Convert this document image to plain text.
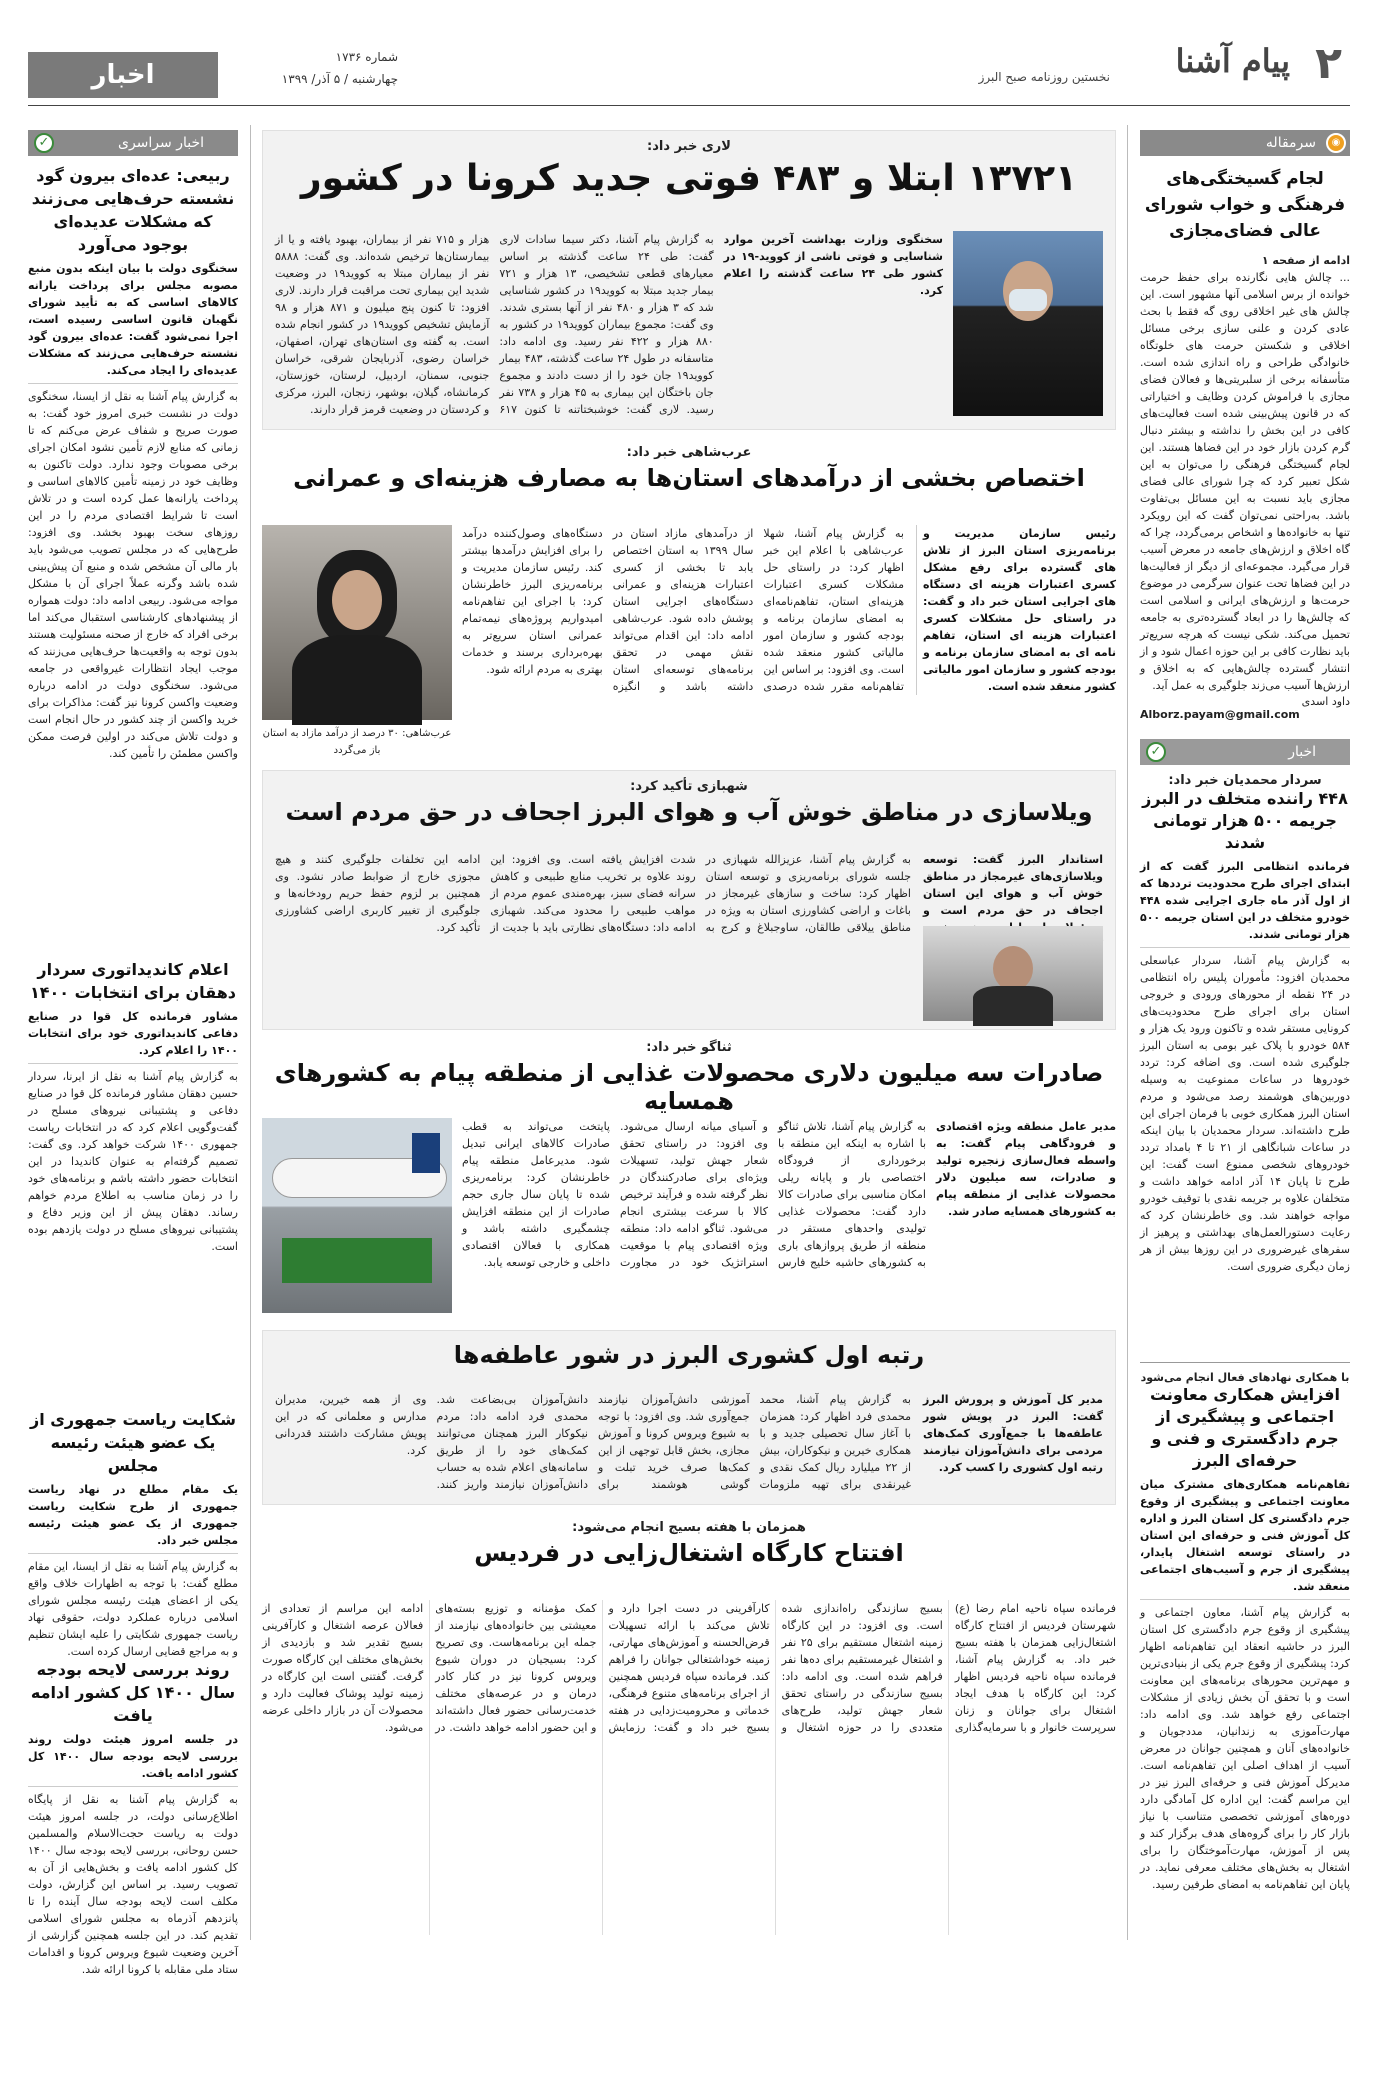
۲
پیام آشنا
نخستین روزنامه صبح البرز
شماره ۱۷۳۶
چهارشنبه / ۵ آذر/ ۱۳۹۹
اخبار
◉
سرمقاله
لجام گسیختگی‌های فرهنگی و خواب شورای عالی فضای‌مجازی
ادامه از صفحه ۱
... چالش هایی نگارنده برای حفظ حرمت خوانده از برس اسلامی آنها مشهور است. این چالش های غیر اخلاقی روی گه فقط با بحث عادی کردن و علنی سازی برخی مسائل اخلاقی و شکستن حرمت های خلوتگاه خانوادگی طراحی و راه اندازی شده است. متأسفانه برخی از سلبریتی‌ها و فعالان فضای مجازی با فراموش کردن وظایف و اختیاراتی که در قانون پیش‌بینی شده است فعالیت‌های کافی در این بخش را نداشته و بیشتر دنبال گرم کردن بازار خود در این فضاها هستند. این لجام گسیختگی فرهنگی را می‌توان به این شکل تعبیر کرد که چرا شورای عالی فضای مجازی باید نسبت به این مسائل بی‌تفاوت باشد. به‌راحتی نمی‌توان گفت که این رویکرد تنها به خانواده‌ها و اشخاص برمی‌گردد، چرا که گاه اخلاق و ارزش‌های جامعه در معرض آسیب قرار می‌گیرد. مجموعه‌ای از دیگر از فعالیت‌ها در این فضاها تحت عنوان سرگرمی در موضوع حرمت‌ها و ارزش‌های ایرانی و اسلامی است که چالش‌ها را در ابعاد گسترده‌تری به جامعه تحمیل می‌کند. شکی نیست که هرچه سریع‌تر باید نظارت کافی بر این حوزه اعمال شود و از انتشار گسترده چالش‌هایی که به اخلاق و ارزش‌ها آسیب می‌زند جلوگیری به عمل آید.
داود اسدی
Alborz.payam@gmail.com
✓	اخبار
سردار محمدیان خبر داد:
۴۴۸ راننده متخلف در البرز جریمه ۵۰۰ هزار تومانی شدند
فرمانده انتظامی البرز گفت که از ابتدای اجرای طرح محدودیت ترددها که از اول آذر ماه جاری اجرایی شده ۴۴۸ خودرو متخلف در این استان جریمه ۵۰۰ هزار تومانی شدند.
به گزارش پیام آشنا، سردار عباسعلی محمدیان افزود: مأموران پلیس راه انتظامی در ۲۴ نقطه از محورهای ورودی و خروجی استان برای اجرای طرح محدودیت‌های کرونایی مستقر شده و تاکنون ورود یک هزار و ۵۸۴ خودرو با پلاک غیر بومی به استان البرز جلوگیری شده است. وی اضافه کرد: تردد خودروها در ساعات ممنوعیت به وسیله دوربین‌های هوشمند رصد می‌شود و مردم استان البرز همکاری خوبی با فرمان اجرای این طرح داشته‌اند. سردار محمدیان با بیان اینکه در ساعات شبانگاهی از ۲۱ تا ۴ بامداد تردد خودروهای شخصی ممنوع است گفت: این طرح تا پایان ۱۴ آذر ادامه خواهد داشت و متخلفان علاوه بر جریمه نقدی با توقیف خودرو مواجه خواهند شد. وی خاطرنشان کرد که رعایت دستورالعمل‌های بهداشتی و پرهیز از سفرهای غیرضروری در این روزها بیش از هر زمان دیگری ضروری است.
با همکاری نهادهای فعال انجام می‌شود
افزایش همکاری معاونت اجتماعی و پیشگیری از جرم دادگستری و فنی و حرفه‌ای البرز
تفاهم‌نامه همکاری‌های مشترک میان معاونت اجتماعی و پیشگیری از وقوع جرم دادگستری کل استان البرز و اداره کل آموزش فنی و حرفه‌ای این استان در راستای توسعه اشتغال پایدار، پیشگیری از جرم و آسیب‌های اجتماعی منعقد شد.
به گزارش پیام آشنا، معاون اجتماعی و پیشگیری از وقوع جرم دادگستری کل استان البرز در حاشیه انعقاد این تفاهم‌نامه اظهار کرد: پیشگیری از وقوع جرم یکی از بنیادی‌ترین و مهم‌ترین محورهای برنامه‌های این معاونت است و با تحقق آن بخش زیادی از مشکلات اجتماعی رفع خواهد شد. وی ادامه داد: مهارت‌آموزی به زندانیان، مددجویان و خانواده‌های آنان و همچنین جوانان در معرض آسیب از اهداف اصلی این تفاهم‌نامه است. مدیرکل آموزش فنی و حرفه‌ای البرز نیز در این مراسم گفت: این اداره کل آمادگی دارد دوره‌های آموزشی تخصصی متناسب با نیاز بازار کار را برای گروه‌های هدف برگزار کند و پس از آموزش، مهارت‌آموختگان را برای اشتغال به بخش‌های مختلف معرفی نماید. در پایان این تفاهم‌نامه به امضای طرفین رسید.
✓	اخبار سراسری
ربیعی: عده‌ای بیرون گود نشسته حرف‌هایی می‌زنند که مشکلات عدیده‌ای بوجود می‌آورد
سخنگوی دولت با بیان اینکه بدون منبع مصوبه مجلس برای پرداخت یارانه کالاهای اساسی که به تأیید شورای نگهبان قانون اساسی رسیده است، اجرا نمی‌شود گفت: عده‌ای بیرون گود نشسته حرف‌هایی می‌زنند که مشکلات عدیده‌ای را ایجاد می‌کند.
به گزارش پیام آشنا به نقل از ایسنا، سخنگوی دولت در نشست خبری امروز خود گفت: به صورت صریح و شفاف عرض می‌کنم که تا زمانی که منابع لازم تأمین نشود امکان اجرای برخی مصوبات وجود ندارد. دولت تاکنون به وظایف خود در زمینه تأمین کالاهای اساسی و پرداخت یارانه‌ها عمل کرده است و در تلاش است تا شرایط اقتصادی مردم را در این روزهای سخت بهبود بخشد. وی افزود: طرح‌هایی که در مجلس تصویب می‌شود باید بار مالی آن مشخص شده و منبع آن پیش‌بینی شده باشد وگرنه عملاً اجرای آن با مشکل مواجه می‌شود. ربیعی ادامه داد: دولت همواره از پیشنهادهای کارشناسی استقبال می‌کند اما برخی افراد که خارج از صحنه مسئولیت هستند بدون توجه به واقعیت‌ها حرف‌هایی می‌زنند که موجب ایجاد انتظارات غیرواقعی در جامعه می‌شود. سخنگوی دولت در ادامه درباره وضعیت واکسن کرونا نیز گفت: مذاکرات برای خرید واکسن از چند کشور در حال انجام است و دولت تلاش می‌کند در اولین فرصت ممکن واکسن مطمئن را تأمین کند.
اعلام کاندیداتوری سردار دهقان برای انتخابات ۱۴۰۰
مشاور فرمانده کل قوا در صنایع دفاعی کاندیداتوری خود برای انتخابات ۱۴۰۰ را اعلام کرد.
به گزارش پیام آشنا به نقل از ایرنا، سردار حسین دهقان مشاور فرمانده کل قوا در صنایع دفاعی و پشتیبانی نیروهای مسلح در گفت‌وگویی اعلام کرد که در انتخابات ریاست جمهوری ۱۴۰۰ شرکت خواهد کرد. وی گفت: تصمیم گرفته‌ام به عنوان کاندیدا در این انتخابات حضور داشته باشم و برنامه‌های خود را در زمان مناسب به اطلاع مردم خواهم رساند. دهقان پیش از این وزیر دفاع و پشتیبانی نیروهای مسلح در دولت یازدهم بوده است.
شکایت ریاست جمهوری از یک عضو هیئت رئیسه مجلس
یک مقام مطلع در نهاد ریاست جمهوری از طرح شکایت ریاست جمهوری از یک عضو هیئت رئیسه مجلس خبر داد.
به گزارش پیام آشنا به نقل از ایسنا، این مقام مطلع گفت: با توجه به اظهارات خلاف واقع یکی از اعضای هیئت رئیسه مجلس شورای اسلامی درباره عملکرد دولت، حقوقی نهاد ریاست جمهوری شکایتی را علیه ایشان تنظیم و به مراجع قضایی ارسال کرده است.
روند بررسی لایحه بودجه سال ۱۴۰۰ کل کشور ادامه یافت
در جلسه امروز هیئت دولت روند بررسی لایحه بودجه سال ۱۴۰۰ کل کشور ادامه یافت.
به گزارش پیام آشنا به نقل از پایگاه اطلاع‌رسانی دولت، در جلسه امروز هیئت دولت به ریاست حجت‌الاسلام والمسلمین حسن روحانی، بررسی لایحه بودجه سال ۱۴۰۰ کل کشور ادامه یافت و بخش‌هایی از آن به تصویب رسید. بر اساس این گزارش، دولت مکلف است لایحه بودجه سال آینده را تا پانزدهم آذرماه به مجلس شورای اسلامی تقدیم کند. در این جلسه همچنین گزارشی از آخرین وضعیت شیوع ویروس کرونا و اقدامات ستاد ملی مقابله با کرونا ارائه شد.
لاری خبر داد:
۱۳۷۲۱ ابتلا و ۴۸۳ فوتی جدید کرونا در کشور
سخنگوی وزارت بهداشت آخرین موارد شناسایی و فوتی ناشی از کووید-۱۹ در کشور طی ۲۴ ساعت گذشته را اعلام کرد.
به گزارش پیام آشنا، دکتر سیما سادات لاری گفت: طی ۲۴ ساعت گذشته بر اساس معیارهای قطعی تشخیصی، ۱۳ هزار و ۷۲۱ بیمار جدید مبتلا به کووید۱۹ در کشور شناسایی شد که ۳ هزار و ۴۸۰ نفر از آنها بستری شدند. وی گفت: مجموع بیماران کووید۱۹ در کشور به ۸۸۰ هزار و ۴۲۲ نفر رسید. وی ادامه داد: متاسفانه در طول ۲۴ ساعت گذشته، ۴۸۳ بیمار کووید۱۹ جان خود را از دست دادند و مجموع جان باختگان این بیماری به ۴۵ هزار و ۷۳۸ نفر رسید. لاری گفت: خوشبختاتنه تا کنون ۶۱۷ هزار و ۷۱۵ نفر از بیماران، بهبود یافته و یا از بیمارستان‌ها ترخیص شده‌اند. وی گفت: ۵۸۸۸ نفر از بیماران مبتلا به کووید۱۹ در وضعیت شدید این بیماری تحت مراقبت قرار دارند. لاری افزود: تا کنون پنج میلیون و ۸۷۱ هزار و ۹۸ آزمایش تشخیص کووید۱۹ در کشور انجام شده است. به گفته وی استان‌های تهران، اصفهان، خراسان رضوی، آذربایجان شرقی، خراسان جنوبی، سمنان، اردبیل، لرستان، خوزستان، کرمانشاه، گیلان، بوشهر، زنجان، البرز، مرکزی و کردستان در وضعیت قرمز قرار دارند.
عرب‌شاهی خبر داد:
اختصاص بخشی از درآمدهای استان‌ها به مصارف هزینه‌ای و عمرانی
رئیس سازمان مدیریت و برنامه‌ریزی استان البرز از تلاش های گسترده برای رفع مشکل کسری اعتبارات هزینه ای دستگاه های اجرایی استان خبر داد و گفت: در راستای حل مشکلات کسری اعتبارات هزینه ای استان، تفاهم نامه ای به امضای سازمان برنامه و بودجه کشور و سازمان امور مالیاتی کشور منعقد شده است.
به گزارش پیام آشنا، شهلا عرب‌شاهی با اعلام این خبر اظهار کرد: در راستای حل مشکلات کسری اعتبارات هزینه‌ای استان، تفاهم‌نامه‌ای به امضای سازمان برنامه و بودجه کشور و سازمان امور مالیاتی کشور منعقد شده است. وی افزود: بر اساس این تفاهم‌نامه مقرر شده درصدی از درآمدهای مازاد استان در سال ۱۳۹۹ به استان اختصاص یابد تا بخشی از کسری اعتبارات هزینه‌ای و عمرانی دستگاه‌های اجرایی استان پوشش داده شود. عرب‌شاهی ادامه داد: این اقدام می‌تواند نقش مهمی در تحقق برنامه‌های توسعه‌ای استان داشته باشد و انگیزه دستگاه‌های وصول‌کننده درآمد را برای افزایش درآمدها بیشتر کند. رئیس سازمان مدیریت و برنامه‌ریزی البرز خاطرنشان کرد: با اجرای این تفاهم‌نامه امیدواریم پروژه‌های نیمه‌تمام عمرانی استان سریع‌تر به بهره‌برداری برسند و خدمات بهتری به مردم ارائه شود.
عرب‌شاهی: ۳۰ درصد از درآمد مازاد به استان باز می‌گردد
شهبازی تأکید کرد:
ویلاسازی در مناطق خوش آب و هوای البرز اجحاف در حق مردم است
استاندار البرز گفت: توسعه ویلاسازی‌های غیرمجاز در مناطق خوش آب و هوای این استان اجحاف در حق مردم است و
به گزارش پیام آشنا، عزیزالله شهبازی در جلسه شورای برنامه‌ریزی و توسعه استان اظهار کرد: ساخت و سازهای غیرمجاز در باغات و اراضی کشاورزی استان به ویژه در مناطق ییلاقی طالقان، ساوجبلاغ و کرج به شدت افزایش یافته است. وی افزود: این روند علاوه بر تخریب منابع طبیعی و کاهش سرانه فضای سبز، بهره‌مندی عموم مردم از مواهب طبیعی را محدود می‌کند. شهبازی ادامه داد: دستگاه‌های نظارتی باید با جدیت از ادامه این تخلفات جلوگیری کنند و هیچ مجوزی خارج از ضوابط صادر نشود. وی همچنین بر لزوم حفظ حریم رودخانه‌ها و جلوگیری از تغییر کاربری اراضی کشاورزی تأکید کرد.
ثناگو خبر داد:
صادرات سه میلیون دلاری محصولات غذایی از منطقه پیام به کشورهای همسایه
مدیر عامل منطقه ویژه اقتصادی و فرودگاهی پیام گفت: به واسطه فعال‌سازی زنجیره تولید و صادرات، سه میلیون دلار محصولات غذایی از منطقه پیام به کشورهای همسایه صادر شد.
به گزارش پیام آشنا، تلاش ثناگو با اشاره به اینکه این منطقه با برخورداری از فرودگاه اختصاصی بار و پایانه ریلی امکان مناسبی برای صادرات کالا دارد گفت: محصولات غذایی تولیدی واحدهای مستقر در منطقه از طریق پروازهای باری به کشورهای حاشیه خلیج فارس و آسیای میانه ارسال می‌شود. وی افزود: در راستای تحقق شعار جهش تولید، تسهیلات ویژه‌ای برای صادرکنندگان در نظر گرفته شده و فرآیند ترخیص کالا با سرعت بیشتری انجام می‌شود. ثناگو ادامه داد: منطقه ویژه اقتصادی پیام با موقعیت استراتژیک خود در مجاورت پایتخت می‌تواند به قطب صادرات کالاهای ایرانی تبدیل شود. مدیرعامل منطقه پیام خاطرنشان کرد: برنامه‌ریزی شده تا پایان سال جاری حجم صادرات از این منطقه افزایش چشمگیری داشته باشد و همکاری با فعالان اقتصادی داخلی و خارجی توسعه یابد.
رتبه اول کشوری البرز در شور عاطفه‌ها
مدیر کل آموزش و پرورش البرز گفت: البرز در پویش شور عاطفه‌ها با جمع‌آوری کمک‌های مردمی برای دانش‌آموزان نیازمند رتبه اول کشوری را کسب کرد.
به گزارش پیام آشنا، محمد محمدی فرد اظهار کرد: همزمان با آغاز سال تحصیلی جدید و با همکاری خیرین و نیکوکاران، بیش از ۲۲ میلیارد ریال کمک نقدی و غیرنقدی برای تهیه ملزومات آموزشی دانش‌آموزان نیازمند جمع‌آوری شد. وی افزود: با توجه به شیوع ویروس کرونا و آموزش مجازی، بخش قابل توجهی از این کمک‌ها صرف خرید تبلت و گوشی هوشمند برای دانش‌آموزان بی‌بضاعت شد. محمدی فرد ادامه داد: مردم نیکوکار البرز همچنان می‌توانند کمک‌های خود را از طریق سامانه‌های اعلام شده به حساب دانش‌آموزان نیازمند واریز کنند. وی از همه خیرین، مدیران مدارس و معلمانی که در این پویش مشارکت داشتند قدردانی کرد.
همزمان با هفته بسیج انجام می‌شود:
افتتاح کارگاه اشتغال‌زایی در فردیس
فرمانده سپاه ناحیه امام رضا (ع) شهرستان فردیس از افتتاح کارگاه اشتغال‌زایی همزمان با هفته بسیج خبر داد. به گزارش پیام آشنا، فرمانده سپاه ناحیه فردیس اظهار کرد: این کارگاه با هدف ایجاد اشتغال برای جوانان و زنان سرپرست خانوار و با سرمایه‌گذاری بسیج سازندگی راه‌اندازی شده است. وی افزود: در این کارگاه زمینه اشتغال مستقیم برای ۲۵ نفر و اشتغال غیرمستقیم برای ده‌ها نفر فراهم شده است. وی ادامه داد: بسیج سازندگی در راستای تحقق شعار جهش تولید، طرح‌های متعددی را در حوزه اشتغال و کارآفرینی در دست اجرا دارد و تلاش می‌کند با ارائه تسهیلات قرض‌الحسنه و آموزش‌های مهارتی، زمینه خوداشتغالی جوانان را فراهم کند. فرمانده سپاه فردیس همچنین از اجرای برنامه‌های متنوع فرهنگی، خدماتی و محرومیت‌زدایی در هفته بسیج خبر داد و گفت: رزمایش کمک مؤمنانه و توزیع بسته‌های معیشتی بین خانواده‌های نیازمند از جمله این برنامه‌هاست. وی تصریح کرد: بسیجیان در دوران شیوع ویروس کرونا نیز در کنار کادر درمان و در عرصه‌های مختلف خدمت‌رسانی حضور فعال داشته‌اند و این حضور ادامه خواهد داشت. در ادامه این مراسم از تعدادی از فعالان عرصه اشتغال و کارآفرینی بسیج تقدیر شد و بازدیدی از بخش‌های مختلف این کارگاه صورت گرفت. گفتنی است این کارگاه در زمینه تولید پوشاک فعالیت دارد و محصولات آن در بازار داخلی عرضه می‌شود.
